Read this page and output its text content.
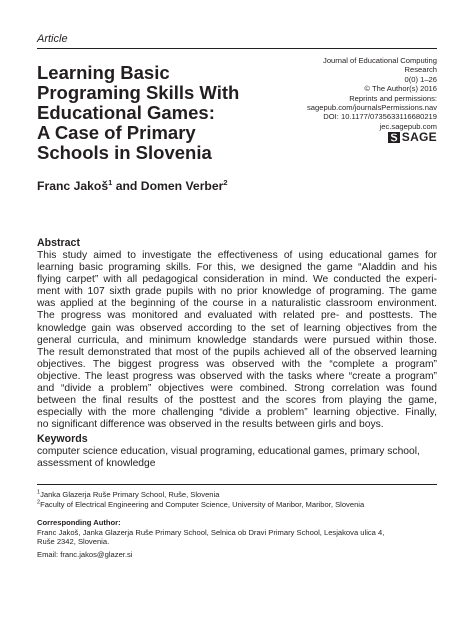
Article
Learning Basic
Programing Skills With
Educational Games:
A Case of Primary
Schools in Slovenia
Journal of Educational Computing
Research
0(0) 1–26
© The Author(s) 2016
Reprints and permissions:
sagepub.com/journalsPermissions.nav
DOI: 10.1177/0735633116680219
jec.sagepub.com
SAGE
Franc Jakoš$^1$ and Domen Verber$^2$
Abstract
This study aimed to investigate the effectiveness of using educational games for
learning basic programing skills. For this, we designed the game “Aladdin and his
flying carpet” with all pedagogical consideration in mind. We conducted the experi-
ment with 107 sixth grade pupils with no prior knowledge of programing. The game
was applied at the beginning of the course in a naturalistic classroom environment.
The progress was monitored and evaluated with related pre- and posttests. The
knowledge gain was observed according to the set of learning objectives from the
general curricula, and minimum knowledge standards were pursued within those.
The result demonstrated that most of the pupils achieved all of the observed learning
objectives. The biggest progress was observed with the “complete a program”
objective. The least progress was observed with the tasks where “create a program”
and “divide a problem” objectives were combined. Strong correlation was found
between the final results of the posttest and the scores from playing the game,
especially with the more challenging “divide a problem” learning objective. Finally,
no significant difference was observed in the results between girls and boys.
Keywords
computer science education, visual programing, educational games, primary school,
assessment of knowledge
$^1$Janka Glazerja Ruše Primary School, Ruše, Slovenia
$^2$Faculty of Electrical Engineering and Computer Science, University of Maribor, Maribor, Slovenia
Corresponding Author:
Franc Jakoš, Janka Glazerja Ruše Primary School, Selnica ob Dravi Primary School, Lesjakova ulica 4,
Ruše 2342, Slovenia.
Email: franc.jakos@glazer.si
